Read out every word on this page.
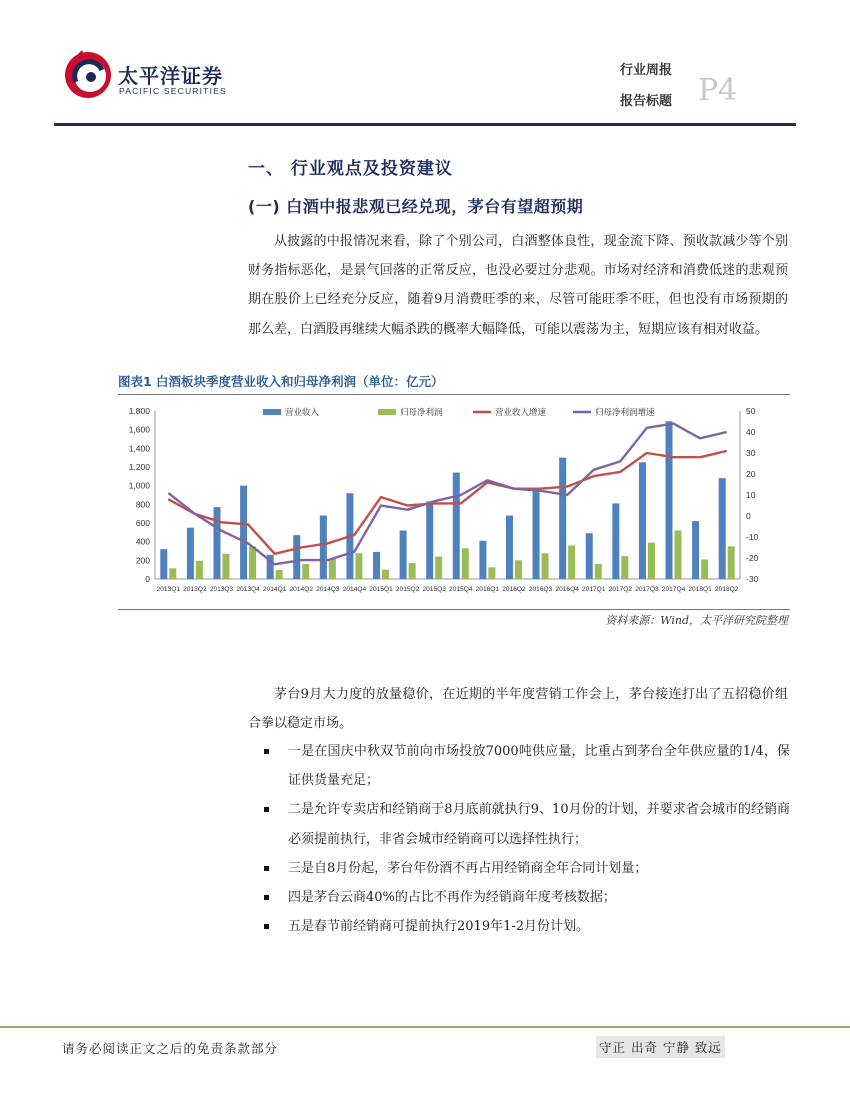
太平洋证券
PACIFIC SECURITIES
行业周报
报告标题 P4
一、 行业观点及投资建议
(一) 白酒中报悲观已经兑现，茅台有望超预期
从披露的中报情况来看，除了个别公司，白酒整体良性，现金流下降、预收款减少等个别财务指标恶化，是景气回落的正常反应，也没必要过分悲观。市场对经济和消费低迷的悲观预期在股价上已经充分反应，随着9月消费旺季的来，尽管可能旺季不旺，但也没有市场预期的那么差，白酒股再继续大幅杀跌的概率大幅降低，可能以震荡为主，短期应该有相对收益。
图表1 白酒板块季度营业收入和归母净利润（单位：亿元）
0
200
400
600
800
1,000
1,200
1,400
1,600
1,800
-30
-20
-10
0
10
20
30
40
50
2013Q1 2013Q2 2013Q3 2013Q4 2014Q1 2014Q2 2014Q3 2014Q4 2015Q1 2015Q2 2015Q3 2015Q4 2016Q1 2016Q2 2016Q3 2016Q4 2017Q1 2017Q2 2017Q3 2017Q4 2018Q1 2018Q2
营业收入	归母净利润	营业收入增速	归母净利润增速
资料来源：Wind，太平洋研究院整理
茅台9月大力度的放量稳价，在近期的半年度营销工作会上，茅台接连打出了五招稳价组合拳以稳定市场。
一是在国庆中秋双节前向市场投放7000吨供应量，比重占到茅台全年供应量的1/4，保证供货量充足；
二是允许专卖店和经销商于8月底前就执行9、10月份的计划，并要求省会城市的经销商必须提前执行，非省会城市经销商可以选择性执行；
三是自8月份起，茅台年份酒不再占用经销商全年合同计划量；
四是茅台云商40%的占比不再作为经销商年度考核数据；
五是春节前经销商可提前执行2019年1-2月份计划。
请务必阅读正文之后的免责条款部分	守正 出奇 宁静 致远
